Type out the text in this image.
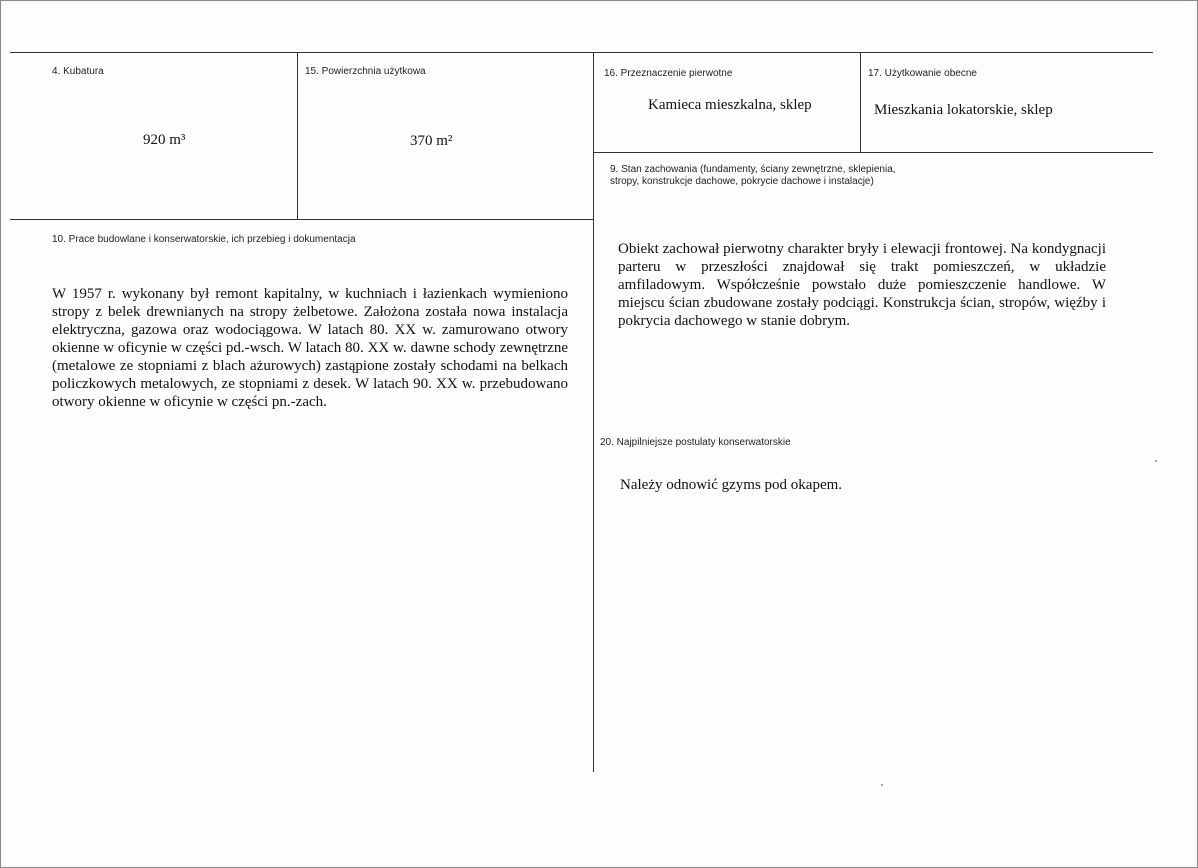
4. Kubatura
920 m³
15. Powierzchnia użytkowa
370 m²
16. Przeznaczenie pierwotne
Kamieca mieszkalna, sklep
17. Użytkowanie obecne
Mieszkania lokatorskie, sklep
9. Stan zachowania (fundamenty, ściany zewnętrzne, sklepienia, stropy, konstrukcje dachowe, pokrycie dachowe i instalacje)
Obiekt zachował pierwotny charakter bryły i elewacji frontowej. Na kondygnacji parteru w przeszłości znajdował się trakt pomieszczeń, w układzie amfiladowym. Współcześnie powstało duże pomieszczenie handlowe. W miejscu ścian zbudowane zostały podciągi. Konstrukcja ścian, stropów, więźby i pokrycia dachowego w stanie dobrym.
10. Prace budowlane i konserwatorskie, ich przebieg i dokumentacja
W 1957 r. wykonany był remont kapitalny, w kuchniach i łazienkach wymieniono stropy z belek drewnianych na stropy żelbetowe. Założona została nowa instalacja elektryczna, gazowa oraz wodociągowa. W latach 80. XX w. zamurowano otwory okienne w oficynie w części pd.-wsch. W latach 80. XX w. dawne schody zewnętrzne (metalowe ze stopniami z blach ażurowych) zastąpione zostały schodami na belkach policzkowych metalowych, ze stopniami z desek. W latach 90. XX w. przebudowano otwory okienne w oficynie w części pn.-zach.
20. Najpilniejsze postulaty konserwatorskie
Należy odnowić gzyms pod okapem.
